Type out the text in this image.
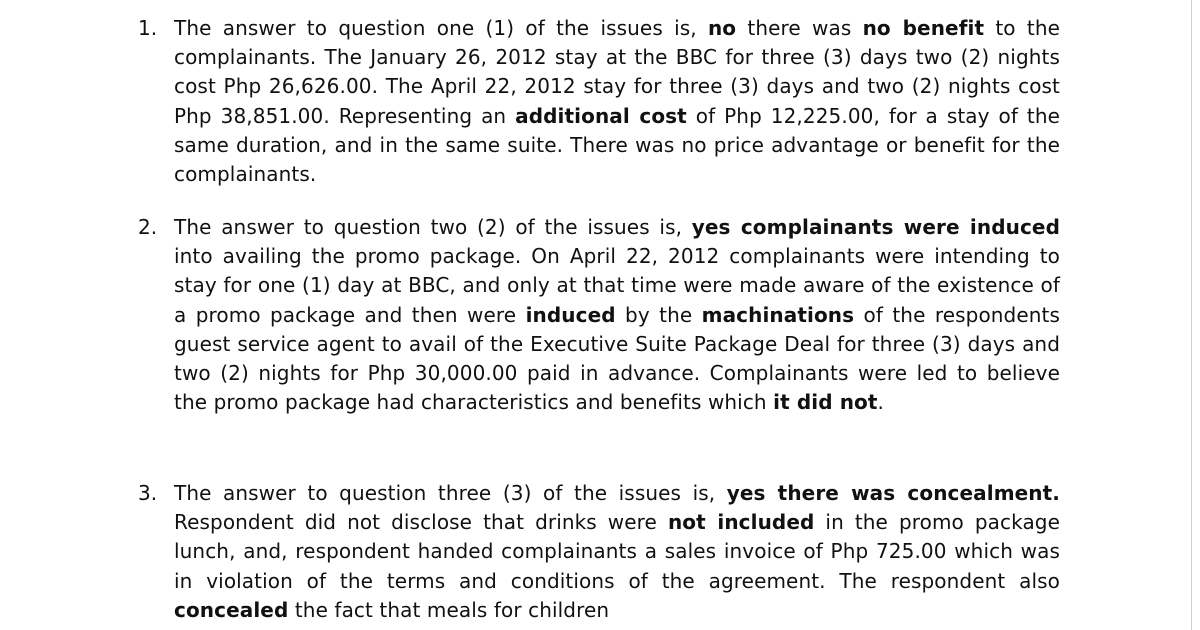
1. The answer to question one (1) of the issues is, no there was no benefit to the complainants. The January 26, 2012 stay at the BBC for three (3) days two (2) nights cost Php 26,626.00. The April 22, 2012 stay for three (3) days and two (2) nights cost Php 38,851.00. Representing an additional cost of Php 12,225.00, for a stay of the same duration, and in the same suite. There was no price advantage or benefit for the complainants.

2. The answer to question two (2) of the issues is, yes complainants were induced into availing the promo package. On April 22, 2012 complainants were intending to stay for one (1) day at BBC, and only at that time were made aware of the existence of a promo package and then were induced by the machinations of the respondents guest service agent to avail of the Executive Suite Package Deal for three (3) days and two (2) nights for Php 30,000.00 paid in advance. Complainants were led to believe the promo package had characteristics and benefits which it did not.

3. The answer to question three (3) of the issues is, yes there was concealment. Respondent did not disclose that drinks were not included in the promo package lunch, and, respondent handed complainants a sales invoice of Php 725.00 which was in violation of the terms and conditions of the agreement. The respondent also concealed the fact that meals for children
